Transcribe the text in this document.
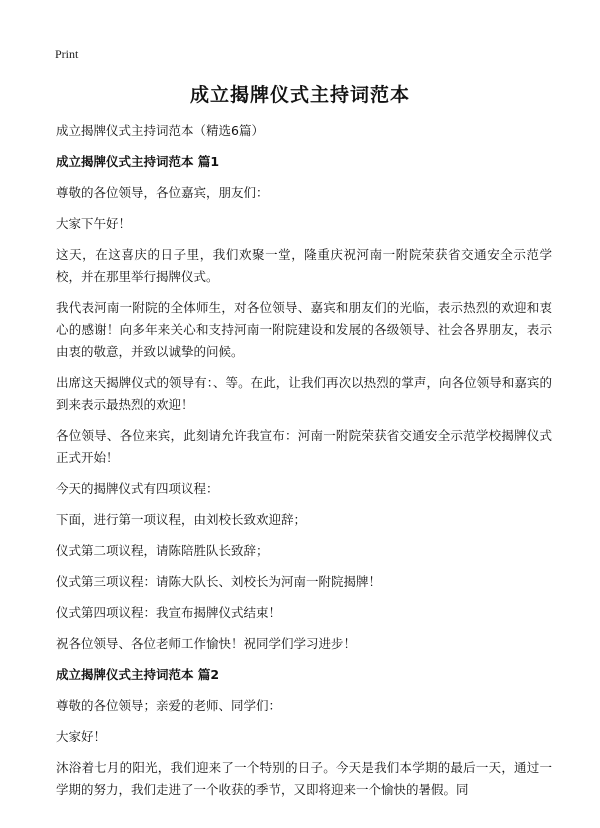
Print
成立揭牌仪式主持词范本
成立揭牌仪式主持词范本（精选6篇）
成立揭牌仪式主持词范本 篇1
尊敬的各位领导，各位嘉宾，朋友们：
大家下午好！
这天，在这喜庆的日子里，我们欢聚一堂，隆重庆祝河南一附院荣获省交通安全示范学校，并在那里举行揭牌仪式。
我代表河南一附院的全体师生，对各位领导、嘉宾和朋友们的光临，表示热烈的欢迎和衷心的感谢！向多年来关心和支持河南一附院建设和发展的各级领导、社会各界朋友，表示由衷的敬意，并致以诚挚的问候。
出席这天揭牌仪式的领导有：、等。在此，让我们再次以热烈的掌声，向各位领导和嘉宾的到来表示最热烈的欢迎！
各位领导、各位来宾，此刻请允许我宣布：河南一附院荣获省交通安全示范学校揭牌仪式正式开始！
今天的揭牌仪式有四项议程：
下面，进行第一项议程，由刘校长致欢迎辞；
仪式第二项议程，请陈陪胜队长致辞；
仪式第三项议程：请陈大队长、刘校长为河南一附院揭牌！
仪式第四项议程：我宣布揭牌仪式结束！
祝各位领导、各位老师工作愉快！祝同学们学习进步！
成立揭牌仪式主持词范本 篇2
尊敬的各位领导；亲爱的老师、同学们：
大家好！
沐浴着七月的阳光，我们迎来了一个特别的日子。今天是我们本学期的最后一天，通过一学期的努力，我们走进了一个收获的季节，又即将迎来一个愉快的暑假。同
